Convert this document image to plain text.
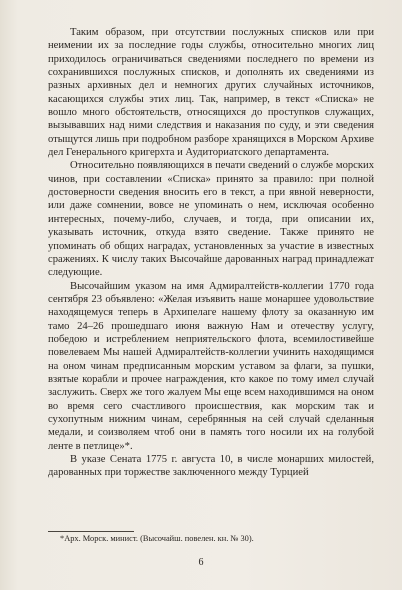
Таким образом, при отсутствии послужных списков или при неимении их за последние годы службы, относительно многих лиц приходилось ограничиваться сведениями последнего по времени из сохранившихся послужных списков, и дополнять их сведениями из разных архивных дел и немногих других случайных источников, касающихся службы этих лиц. Так, например, в текст «Списка» не вошло много обстоятельств, относящихся до проступков служащих, вызывавших над ними следствия и наказания по суду, и эти сведения отыщутся лишь при подробном разборе хранящихся в Морском Архиве дел Генерального кригерхта и Аудиториатского департамента.

Относительно появляющихся в печати сведений о службе морских чинов, при составлении «Списка» принято за правило: при полной достоверности сведения вносить его в текст, а при явной неверности, или даже сомнении, вовсе не упоминать о нем, исключая особенно интересных, почему-либо, случаев, и тогда, при описании их, указывать источник, откуда взято сведение. Также принято не упоминать об общих наградах, установленных за участие в известных сражениях. К числу таких Высочайше дарованных наград принадлежат следующие.

Высочайшим указом на имя Адмиралтейств-коллегии 1770 года сентября 23 объявлено: «Желая изъявить наше монаршее удовольствие находящемуся теперь в Архипелаге нашему флоту за оказанную им тамо 24–26 прошедшаго июня важную Нам и отечеству услугу, победою и истреблением неприятельского флота, всемилостивейше повелеваем Мы нашей Адмиралтейств-коллегии учинить находящимся на оном чинам предписанным морским уставом за флаги, за пушки, взятые корабли и прочее награждения, кто какое по тому имел случай заслужить. Сверх же того жалуем Мы еще всем находившимся на оном во время сего счастливого происшествия, как морским так и сухопутным нижним чинам, серебрянныя на сей случай сделанныя медали, и соизволяем чтоб они в память того носили их на голубой ленте в петлице»*.

В указе Сената 1775 г. августа 10, в числе монарших милостей, дарованных при торжестве заключенного между Турцией

*Арх. Морск. минист. (Высочайш. повелен. кн. № 30).
6
